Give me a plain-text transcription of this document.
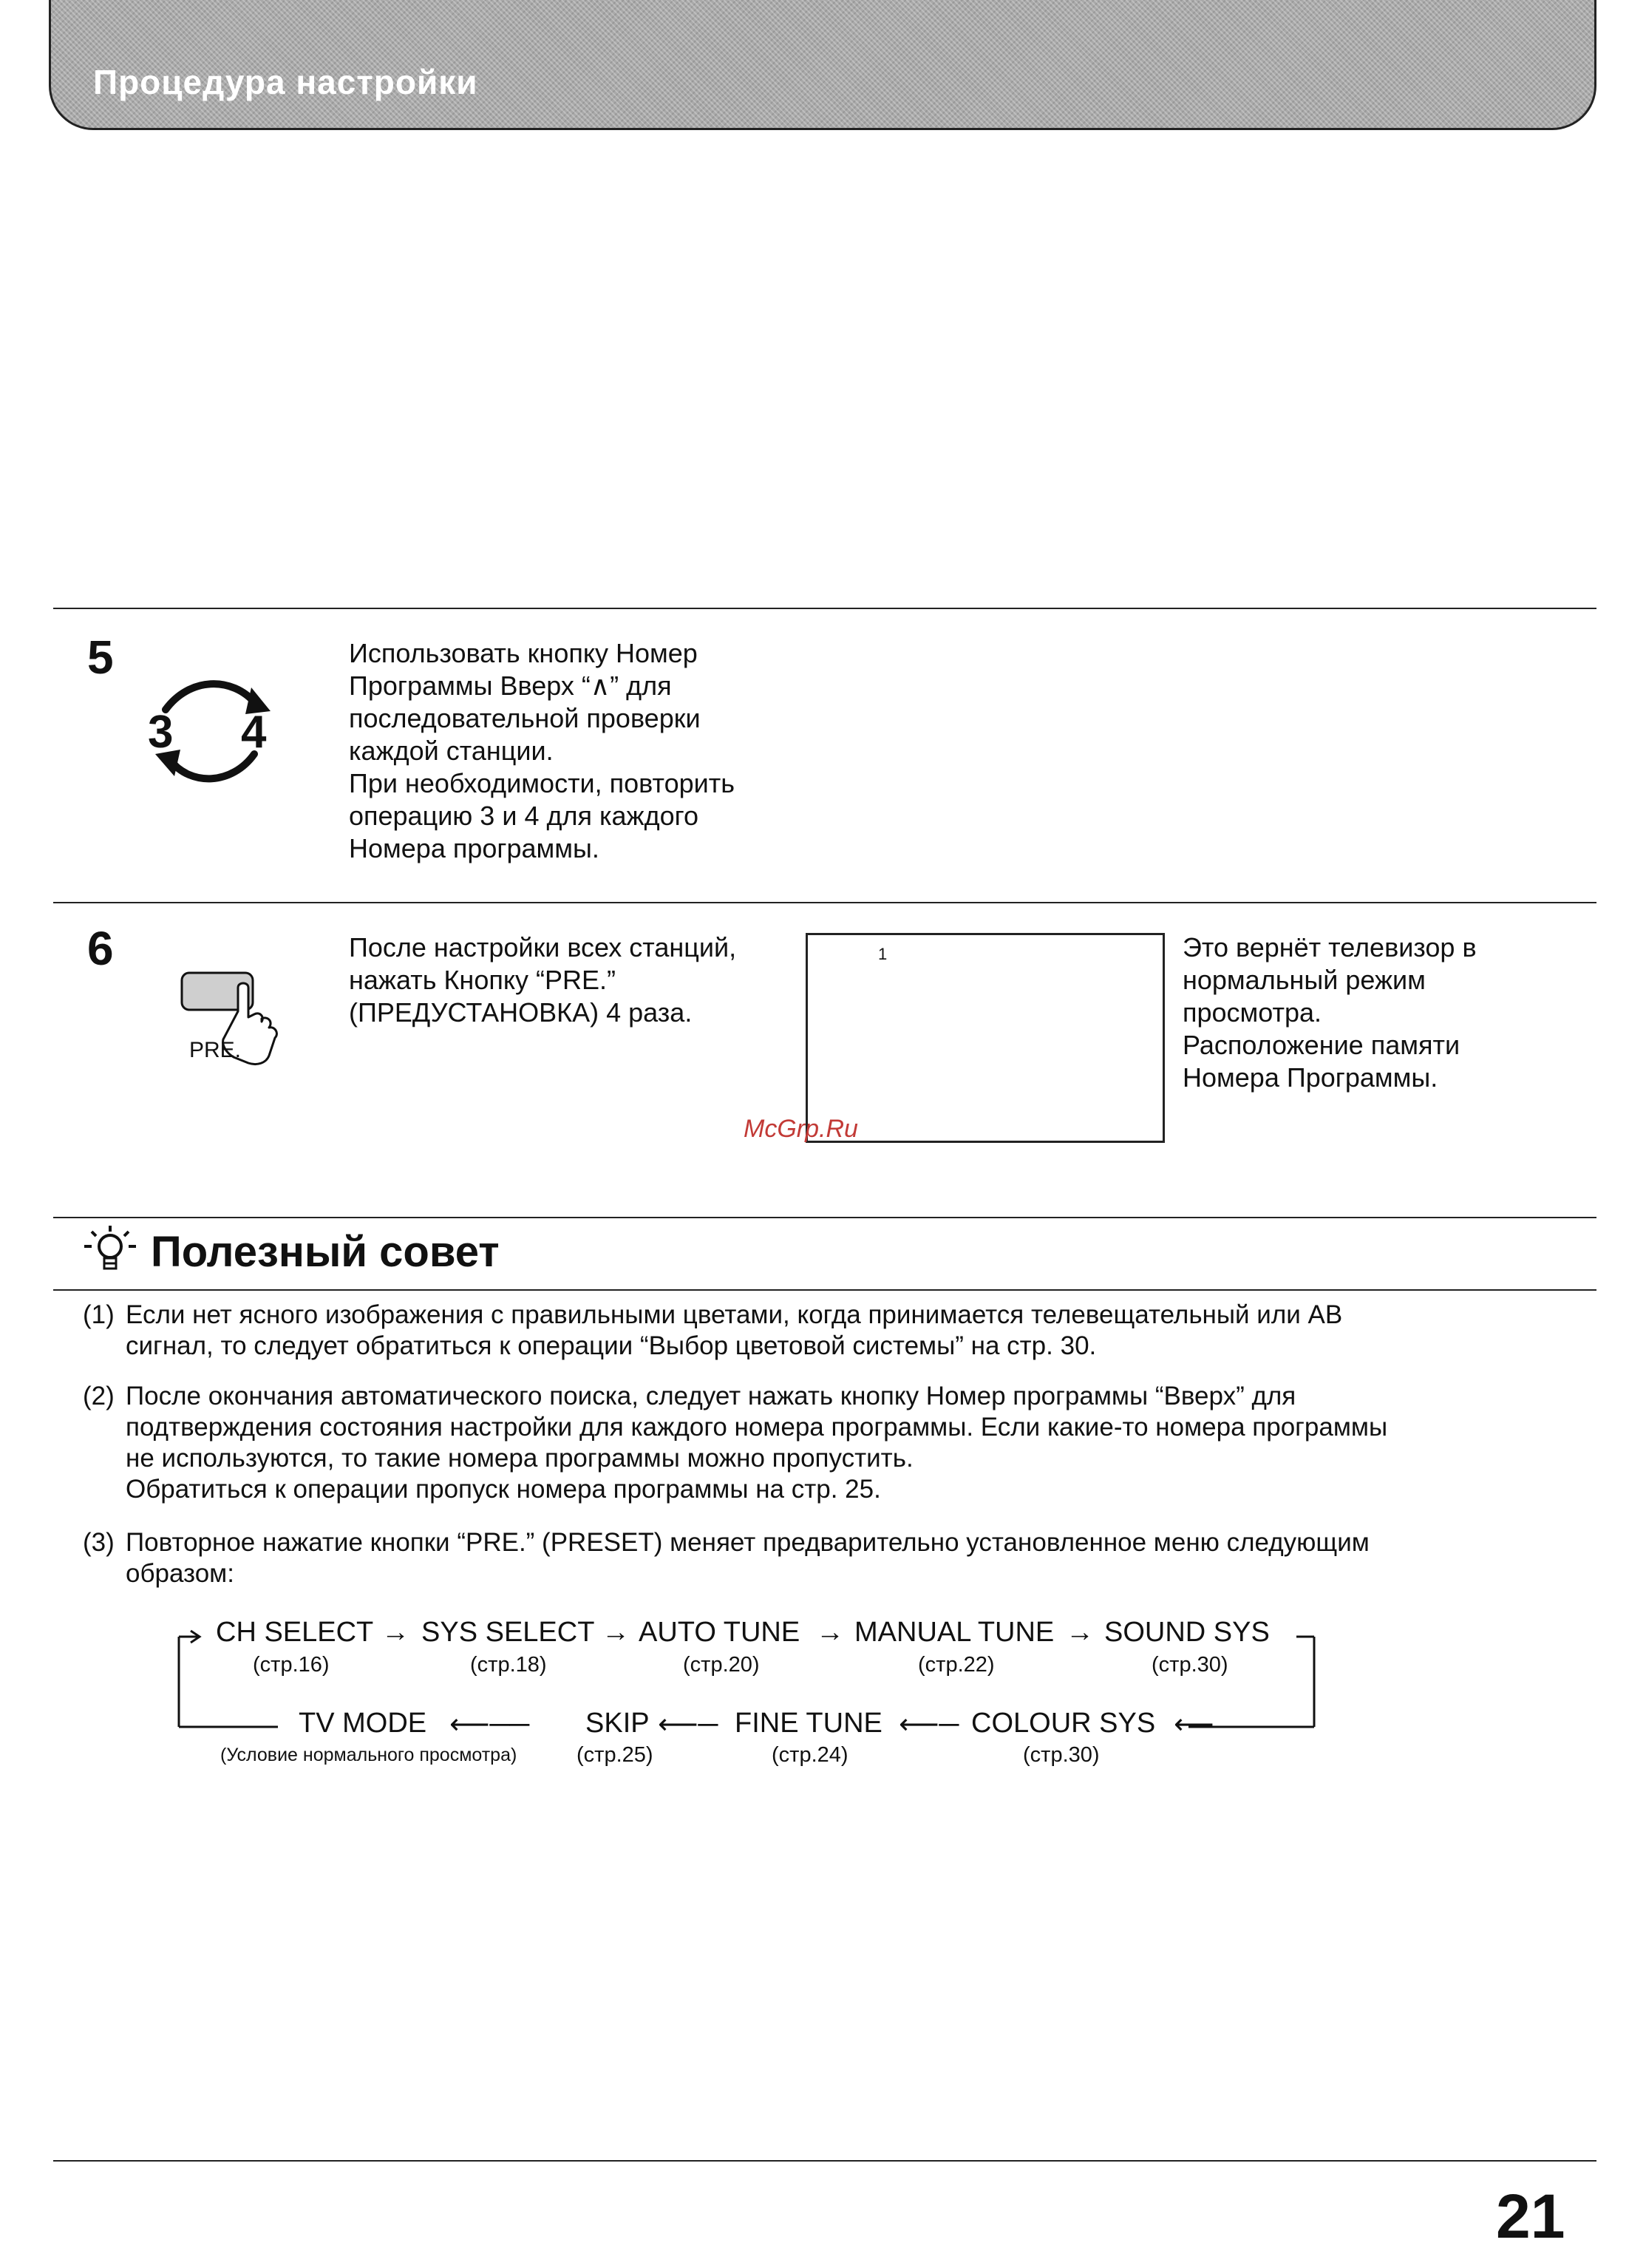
Процедура настройки
5
3 4
Использовать кнопку Номер
Программы Вверх “∧” для
последовательной проверки
каждой станции.
При необходимости, повторить
операцию 3 и 4 для каждого
Номера программы.
6
PRE.
После настройки всех станций,
нажать Кнопку “PRE.”
(ПРЕДУСТАНОВКА) 4 раза.
1	Это вернёт телевизор в
нормальный режим
просмотра.
Расположение памяти
Номера Программы.
McGrp.Ru
Полезный совет
(1) Если нет ясного изображения с правильными цветами, когда принимается телевещательный или AB
сигнал, то следует обратиться к операции “Выбор цветовой системы” на стр. 30.
(2) После окончания автоматического поиска, следует нажать кнопку Номер программы “Вверх” для
подтверждения состояния настройки для каждого номера программы. Если какие-то номера программы
не используются, то такие номера программы можно пропустить.
Обратиться к операции пропуск номера программы на стр. 25.
(3) Повторное нажатие кнопки “PRE.” (PRESET) меняет предварительно установленное меню следующим
образом:
CH SELECT → SYS SELECT → AUTO TUNE → MANUAL TUNE → SOUND SYS
(стр.16)	(стр.18)	(стр.20)	(стр.22)	(стр.30)
TV MODE ⟵── SKIP ⟵─ FINE TUNE ⟵─ COLOUR SYS ⟵
(Условие нормального просмотра)	(стр.25)	(стр.24)	(стр.30)
21
